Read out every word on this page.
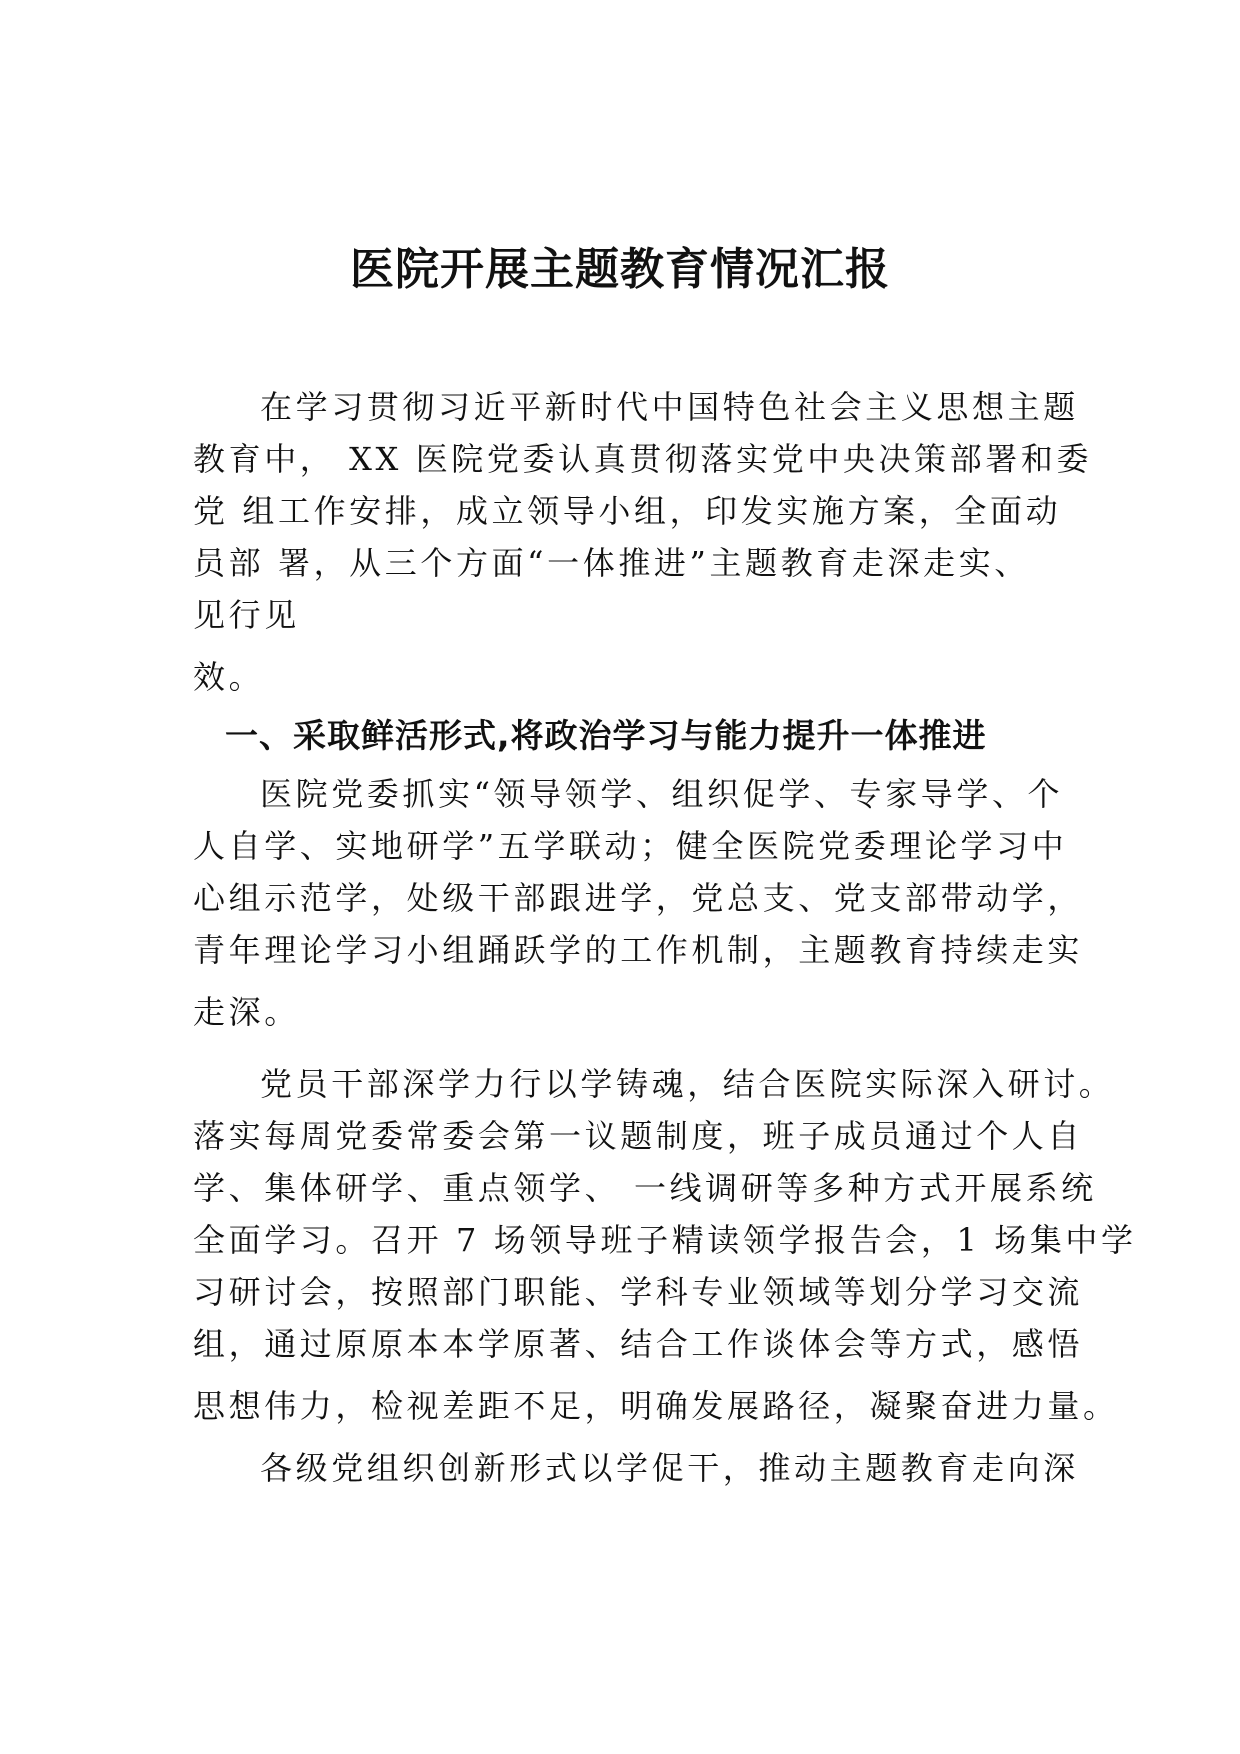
医院开展主题教育情况汇报

在学习贯彻习近平新时代中国特色社会主义思想主题

教育中， XX 医院党委认真贯彻落实党中央决策部署和委

党 组工作安排，成立领导小组，印发实施方案，全面动

员部 署，从三个方面“一体推进”主题教育走深走实、

见行见

效。

一、采取鲜活形式,将政治学习与能力提升一体推进

医院党委抓实“领导领学、组织促学、专家导学、个

人自学、实地研学”五学联动；健全医院党委理论学习中

心组示范学，处级干部跟进学，党总支、党支部带动学，

青年理论学习小组踊跃学的工作机制，主题教育持续走实

走深。

党员干部深学力行以学铸魂，结合医院实际深入研讨。

落实每周党委常委会第一议题制度，班子成员通过个人自

学、集体研学、重点领学、 一线调研等多种方式开展系统

全面学习。召开 7 场领导班子精读领学报告会，1 场集中学

习研讨会，按照部门职能、学科专业领域等划分学习交流

组，通过原原本本学原著、结合工作谈体会等方式，感悟

思想伟力，检视差距不足，明确发展路径，凝聚奋进力量。

各级党组织创新形式以学促干，推动主题教育走向深
